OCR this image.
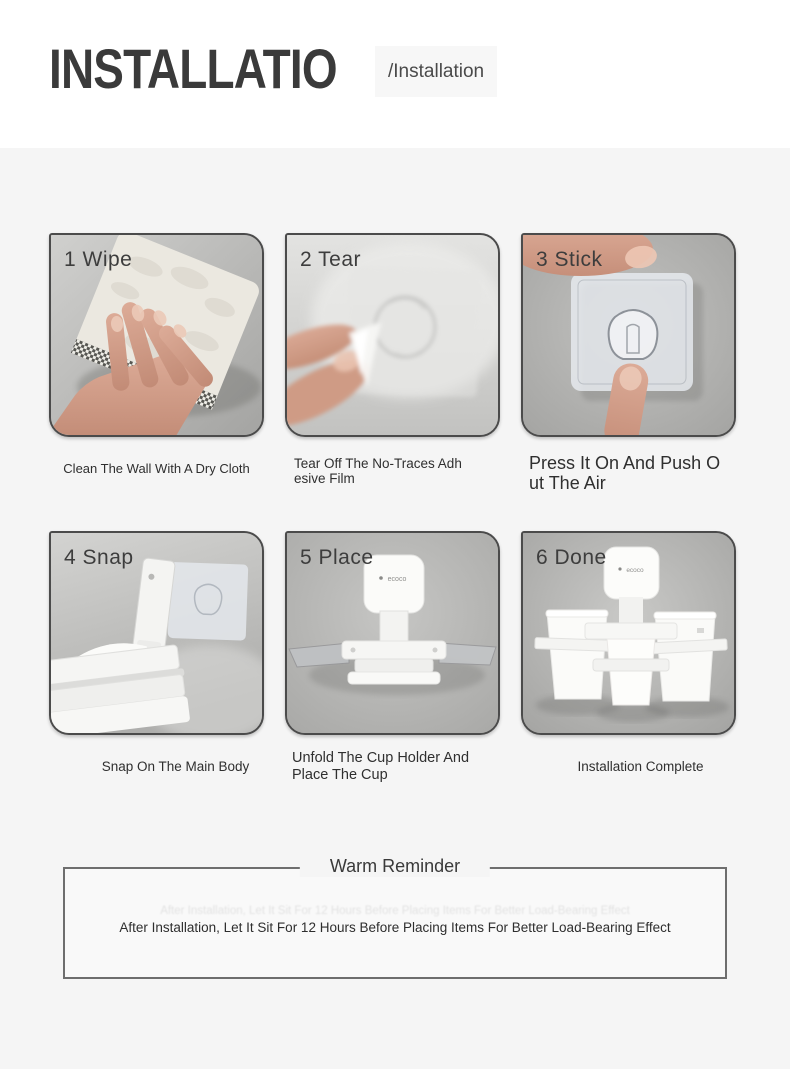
INSTALLATIO	/Installation
1 Wipe
Clean The Wall With A Dry Cloth
2 Tear
Tear Off The No-Traces Adhesive Film
3 Stick
Press It On And Push Out The Air
4 Snap
Snap On The Main Body
ecoco
5 Place
Unfold The Cup Holder And Place The Cup
ecoco
6 Done
Installation Complete
Warm Reminder
After Installation, Let It Sit For 12 Hours Before Placing Items For Better Load-Bearing Effect
After Installation, Let It Sit For 12 Hours Before Placing Items For Better Load-Bearing Effect
